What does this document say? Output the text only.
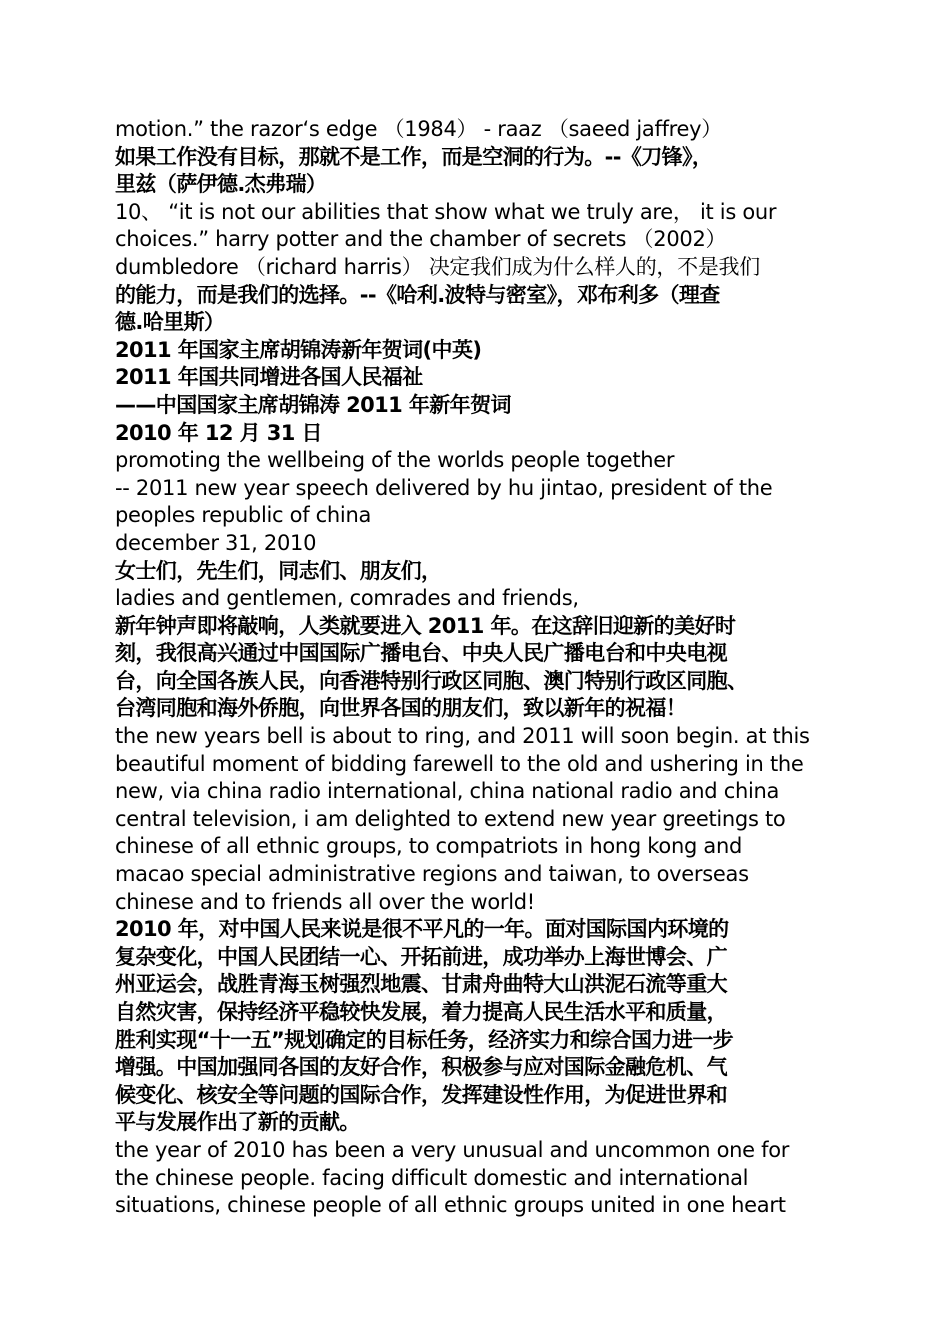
motion.” the razor‘s edge （1984） - raaz （saeed jaffrey）
如果工作没有目标，那就不是工作，而是空洞的行为。--《刀锋》，
里兹（萨伊德.杰弗瑞）
10、 “it is not our abilities that show what we truly are， it is our
choices.” harry potter and the chamber of secrets （2002）
dumbledore （richard harris） 决定我们成为什么样人的，不是我们
的能力，而是我们的选择。--《哈利.波特与密室》，邓布利多（理查
德.哈里斯）
2011 年国家主席胡锦涛新年贺词(中英)
2011 年国共同增进各国人民福祉
——中国国家主席胡锦涛 2011 年新年贺词
2010 年 12 月 31 日
promoting the wellbeing of the worlds people together
-- 2011 new year speech delivered by hu jintao, president of the
peoples republic of china
december 31, 2010
女士们，先生们，同志们、朋友们，
ladies and gentlemen, comrades and friends,
新年钟声即将敲响，人类就要进入 2011 年。在这辞旧迎新的美好时
刻，我很高兴通过中国国际广播电台、中央人民广播电台和中央电视
台，向全国各族人民，向香港特别行政区同胞、澳门特别行政区同胞、
台湾同胞和海外侨胞，向世界各国的朋友们，致以新年的祝福！
the new years bell is about to ring, and 2011 will soon begin. at this
beautiful moment of bidding farewell to the old and ushering in the
new, via china radio international, china national radio and china
central television, i am delighted to extend new year greetings to
chinese of all ethnic groups, to compatriots in hong kong and
macao special administrative regions and taiwan, to overseas
chinese and to friends all over the world!
2010 年，对中国人民来说是很不平凡的一年。面对国际国内环境的
复杂变化，中国人民团结一心、开拓前进，成功举办上海世博会、广
州亚运会，战胜青海玉树强烈地震、甘肃舟曲特大山洪泥石流等重大
自然灾害，保持经济平稳较快发展，着力提高人民生活水平和质量，
胜利实现“十一五”规划确定的目标任务，经济实力和综合国力进一步
增强。中国加强同各国的友好合作，积极参与应对国际金融危机、气
候变化、核安全等问题的国际合作，发挥建设性作用，为促进世界和
平与发展作出了新的贡献。
the year of 2010 has been a very unusual and uncommon one for
the chinese people. facing difficult domestic and international
situations, chinese people of all ethnic groups united in one heart
